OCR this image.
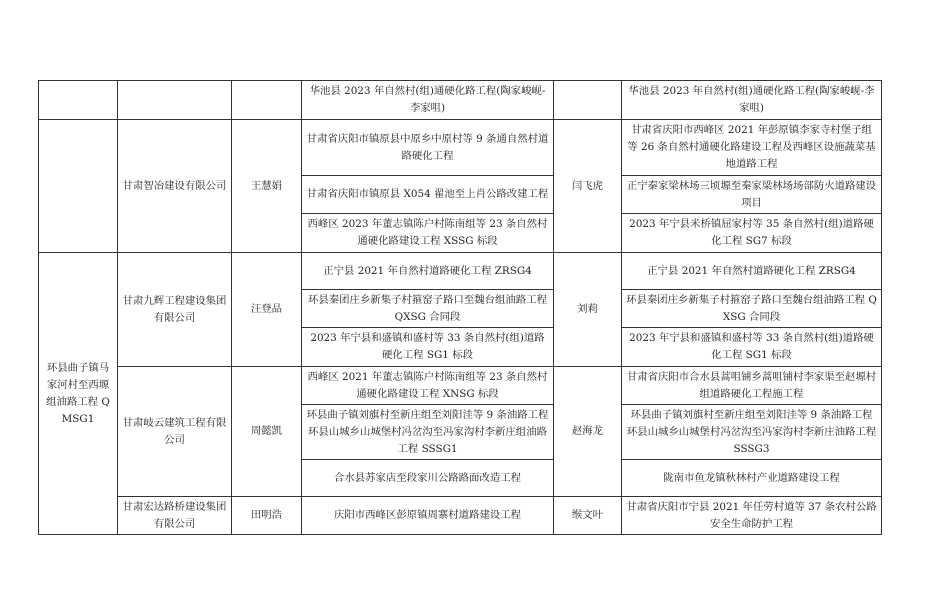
			华池县 2023 年自然村(组)通硬化路工程(陶家峻岘-李家咀)		华池县 2023 年自然村(组)通硬化路工程(陶家峻岘-李家咀)
	甘肃智冶建设有限公司	王慧娟	甘肃省庆阳市镇原县中原乡中原村等 9 条通自然村道路硬化工程	闫飞虎	甘肃省庆阳市西峰区 2021 年彭原镇李家寺村堡子组等 26 条自然村通硬化路建设工程及西峰区设施蔬菜基地道路工程
			甘肃省庆阳市镇原县 X054 翟池至上肖公路改建工程		正宁秦家梁林场三顷塬至秦家梁林场场部防火道路建设项目
			西峰区 2023 年董志镇陈户村陈南组等 23 条自然村通硬化路建设工程 XSSG 标段		2023 年宁县米桥镇屈家村等 35 条自然村(组)道路硬化工程 SG7 标段
环县曲子镇马家河村至西塬组油路工程 QMSG1	甘肃九辉工程建设集团有限公司	汪登品	正宁县 2021 年自然村道路硬化工程 ZRSG4	刘莉	正宁县 2021 年自然村道路硬化工程 ZRSG4
			环县秦团庄乡新集子村箍窑子路口至魏台组油路工程 QXSG 合同段		环县秦团庄乡新集子村箍窑子路口至魏台组油路工程 QXSG 合同段
			2023 年宁县和盛镇和盛村等 33 条自然村(组)道路硬化工程 SG1 标段		2023 年宁县和盛镇和盛村等 33 条自然村(组)道路硬化工程 SG1 标段
	甘肃岐云建筑工程有限公司	周懿凯	西峰区 2021 年董志镇陈户村陈南组等 23 条自然村通硬化路建设工程 XNSG 标段	赵海龙	甘肃省庆阳市合水县蒿咀铺乡蒿咀铺村李家渠至赵塬村组道路硬化工程施工程
			环县曲子镇刘旗村至新庄组至刘阳洼等 9 条油路工程环县山城乡山城堡村冯岔沟至冯家沟村李新庄组油路工程 SSSG1		环县曲子镇刘旗村至新庄组至刘阳洼等 9 条油路工程环县山城乡山城堡村冯岔沟至冯家沟村李新庄油路工程 SSSG3
			合水县苏家店至段家川公路路面改造工程		陇南市鱼龙镇秋林村产业道路建设工程
	甘肃宏达路桥建设集团有限公司	田明浩	庆阳市西峰区彭原镇周寨村道路建设工程	缑文叶	甘肃省庆阳市宁县 2021 年任劳村道等 37 条农村公路安全生命防护工程
